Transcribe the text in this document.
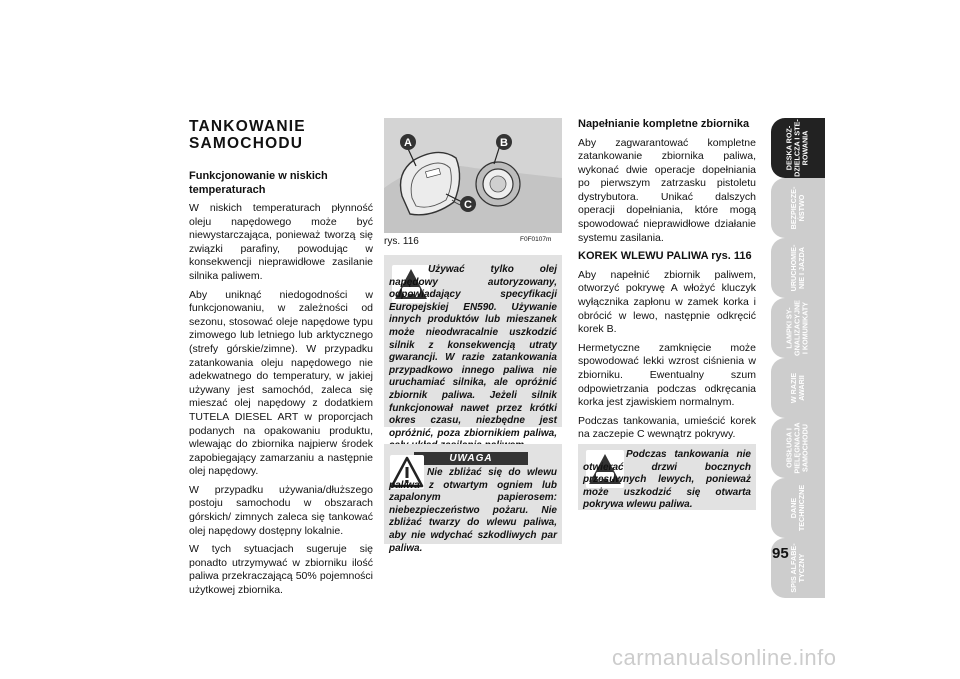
TANKOWANIE SAMOCHODU
Funkcjonowanie w niskich temperaturach

W niskich temperaturach płynność oleju napędowego może być niewystarczająca, ponieważ tworzą się związki parafiny, powodując w konsekwencji nieprawidłowe zasilanie silnika paliwem.

Aby uniknąć niedogodności w funkcjonowaniu, w zależności od sezonu, stosować oleje napędowe typu zimowego lub letniego lub arktycznego (strefy górskie/zimne). W przypadku zatankowania oleju napędowego nie adekwatnego do temperatury, w jakiej używany jest samochód, zaleca się mieszać olej napędowy z dodatkiem TUTELA DIESEL ART w proporcjach podanych na opakowaniu produktu, wlewając do zbiornika najpierw środek zapobiegający zamarzaniu a następnie olej napędowy.

W przypadku używania/dłuższego postoju samochodu w obszarach górskich/ zimnych zaleca się tankować olej napędowy dostępny lokalnie.

W tych sytuacjach sugeruje się ponadto utrzymywać w zbiorniku ilość paliwa przekraczającą 50% pojemności użytkowej zbiornika.

A	B
C
rys. 116	F0F0107m
Używać tylko olej napędowy autoryzowany, odpowiadający specyfikacji Europejskiej EN590. Używanie innych produktów lub mieszanek może nieodwracalnie uszkodzić silnik z konsekwencją utraty gwarancji. W razie zatankowania przypadkowo innego paliwa nie uruchamiać silnika, ale opróżnić zbiornik paliwa. Jeżeli silnik funkcjonował nawet przez krótki okres czasu, niezbędne jest opróżnić, poza zbiornikiem paliwa,
UWAGA
Nie zbliżać się do wlewu paliwa z otwartym ogniem lub zapalonym papierosem: niebezpieczeństwo pożaru. Nie zbliżać twarzy do wlewu paliwa, aby nie wdychać szkodliwych par paliwa.
Napełnianie kompletne zbiornika

Aby zagwarantować kompletne zatankowanie zbiornika paliwa, wykonać dwie operacje dopełniania po pierwszym zatrzasku pistoletu dystrybutora. Unikać dalszych operacji dopełniania, które mogą spowodować nieprawidłowe działanie systemu zasilania.

KOREK WLEWU PALIWA rys. 116

Aby napełnić zbiornik paliwem, otworzyć pokrywę A włożyć kluczyk wyłącznika zapłonu w zamek korka i obrócić w lewo, następnie odkręcić korek B.

Hermetyczne zamknięcie może spowodować lekki wzrost ciśnienia w zbiorniku. Ewentualny szum odpowietrzania podczas odkręcania korka jest zjawiskiem normalnym.

Podczas tankowania, umieścić korek na zaczepie C wewnątrz pokrywy.

Podczas tankowania nie otwierać drzwi bocznych przesuwnych lewych, ponieważ może uszkodzić się otwarta pokrywa wlewu paliwa.
DESKA ROZ-
DZIELCZA I STE-
ROWANIA
BEZPIECZE-
ŃSTWO
URUCHOMIE-
NIE I JAZDA
LAMPKI SY-
GNALIZACYJNE
I KOMUNIKATY
W RAZIE
AWARII
OBSŁUGA I
PIELĘGNACJA
SAMOCHODU
DANE
TECHNICZNE
SPIS ALFABE-
TYCZNY
95
carmanualsonline.info
